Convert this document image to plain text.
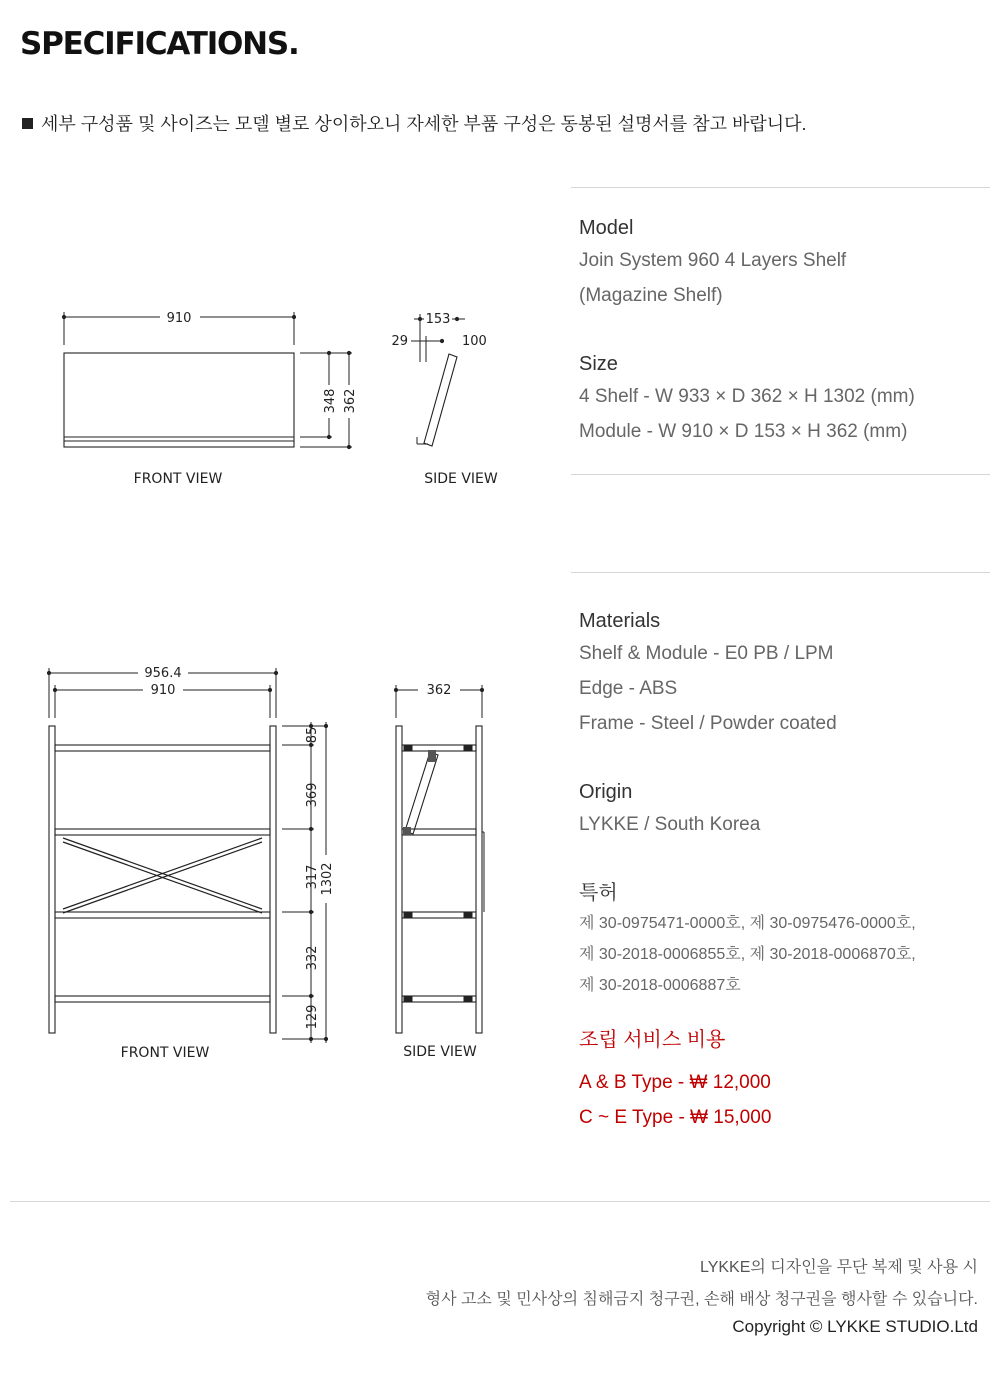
SPECIFICATIONS.
세부 구성품 및 사이즈는 모델 별로 상이하오니 자세한 부품 구성은 동봉된 설명서를 참고 바랍니다.
910
348 362
FRONT VIEW
153
29	100
SIDE VIEW
956.4
910
85
369
317 1302
332
129
FRONT VIEW
362
SIDE VIEW

Model

Join System 960 4 Layers Shelf

(Magazine Shelf)

Size

4 Shelf - W 933 × D 362 × H 1302 (mm)

Module - W 910 × D 153 × H 362 (mm)

Materials

Shelf & Module - E0 PB / LPM

Edge - ABS

Frame - Steel / Powder coated

Origin

LYKKE / South Korea

특허

제 30-0975471-0000호, 제 30-0975476-0000호,

제 30-2018-0006855호, 제 30-2018-0006870호,

제 30-2018-0006887호

조립 서비스 비용

A & B Type - ₩ 12,000

C ~ E Type - ₩ 15,000

LYKKE의 디자인을 무단 복제 및 사용 시
형사 고소 및 민사상의 침해금지 청구권, 손해 배상 청구권을 행사할 수 있습니다.
Copyright © LYKKE STUDIO.Ltd
